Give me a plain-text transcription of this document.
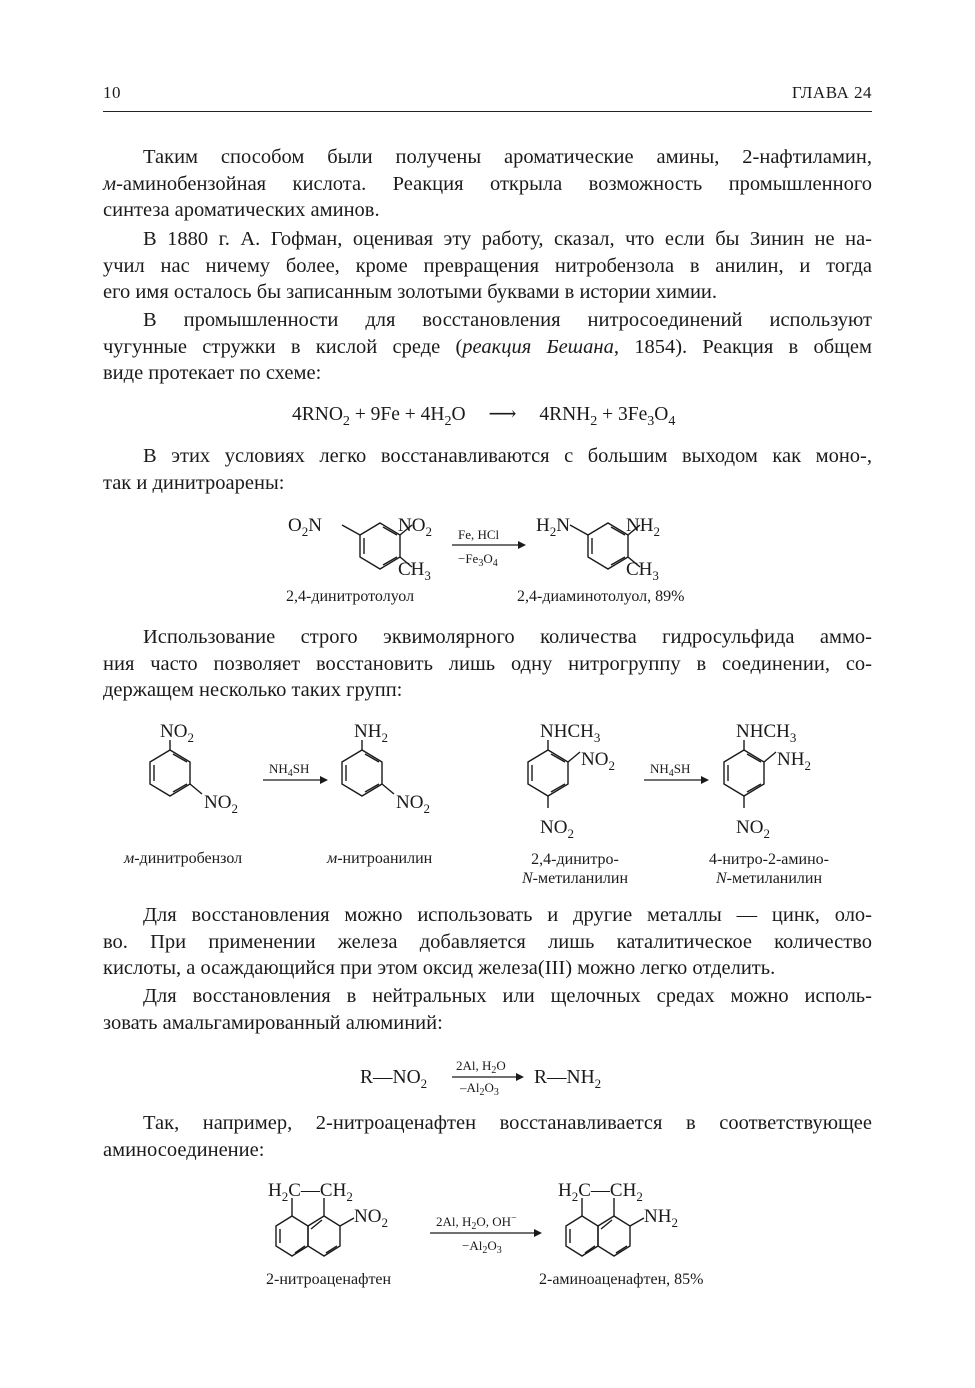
10	ГЛАВА 24
Таким способом были получены ароматические амины, 2-нафтиламин,
м-аминобензойная кислота. Реакция открыла возможность промышленного
синтеза ароматических аминов.
В 1880 г. А. Гофман, оценивая эту работу, сказал, что если бы Зинин не на-
учил нас ничему более, кроме превращения нитробензола в анилин, и тогда
его имя осталось бы записанным золотыми буквами в истории химии.
В промышленности для восстановления нитросоединений используют
чугунные стружки в кислой среде (реакция Бешана, 1854). Реакция в общем
виде протекает по схеме:
$4RNO_2 + 9Fe + 4H_2O$ ⟶ $4RNH_2 + 3Fe_3O_4$
В этих условиях легко восстанавливаются с большим выходом как моно-,
так и динитроарены:
$O_2N$	$NO_2$
$CH_3$
Fe, HCl
$-Fe_3O_4$
$H_2N$	$NH_2$
$CH_3$
2,4-динитротолуол	2,4-диаминотолуол, 89%
Использование строго эквимолярного количества гидросульфида аммо-
ния часто позволяет восстановить лишь одну нитрогруппу в соединении, со-
держащем несколько таких групп:
$NO_2$
$NO_2$
$NH_4SH$
$NH_2$
$NO_2$
$NHCH_3$
$NO_2$
$NO_2$
$NH_4SH$
$NHCH_3$
$NH_2$
$NO_2$
м-динитробензол	м-нитроанилин	2,4-динитро-
N-метиланилин
4-нитро-2-амино-
N-метиланилин
Для восстановления можно использовать и другие металлы — цинк, оло-
во. При применении железа добавляется лишь каталитическое количество
кислоты, а осаждающийся при этом оксид железа(III) можно легко отделить.
Для восстановления в нейтральных или щелочных средах можно исполь-
зовать амальгамированный алюминий:
$R—NO_2$
2Al, $H_2O$
$-Al_2O_3$
$R—NH_2$
Так, например, 2-нитроаценафтен восстанавливается в соответствующее
аминосоединение:
$H_2C—CH_2$
$NO_2$	2Al, $H_2O$, OH−
$-Al_2O_3$
$H_2C—CH_2$
$NH_2$
2-нитроаценафтен	2-аминоаценафтен, 85%
